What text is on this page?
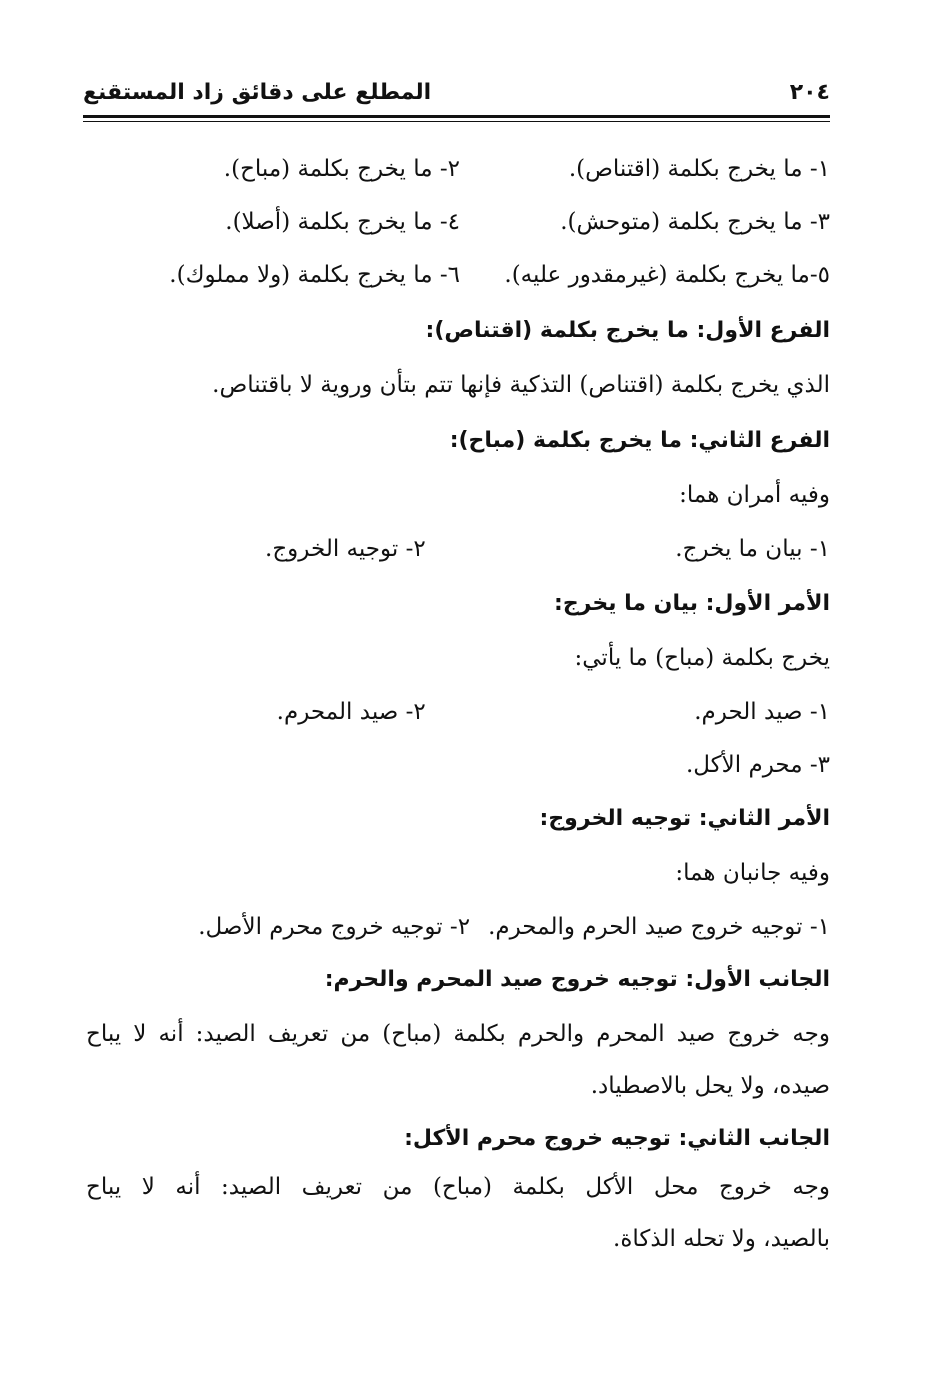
٢٠٤
المطلع على دقائق زاد المستقنع
١- ما يخرج بكلمة (اقتناص).
٢- ما يخرج بكلمة (مباح).
٣- ما يخرج بكلمة (متوحش).
٤- ما يخرج بكلمة (أصلا).
٥-ما يخرج بكلمة (غيرمقدور عليه).
٦- ما يخرج بكلمة (ولا مملوك).
الفرع الأول: ما يخرج بكلمة (اقتناص):
الذي يخرج بكلمة (اقتناص) التذكية فإنها تتم بتأن وروية لا باقتناص.
الفرع الثاني: ما يخرج بكلمة (مباح):
وفيه أمران هما:
١- بيان ما يخرج.
٢- توجيه الخروج.
الأمر الأول: بيان ما يخرج:
يخرج بكلمة (مباح) ما يأتي:
١- صيد الحرم.
٢- صيد المحرم.
٣- محرم الأكل.
الأمر الثاني: توجيه الخروج:
وفيه جانبان هما:
١- توجيه خروج صيد الحرم والمحرم.
٢- توجيه خروج محرم الأصل.
الجانب الأول: توجيه خروج صيد المحرم والحرم:
وجه خروج صيد المحرم والحرم بكلمة (مباح) من تعريف الصيد: أنه لا يباح
صيده، ولا يحل بالاصطياد.
الجانب الثاني: توجيه خروج محرم الأكل:
وجه خروج محل الأكل بكلمة (مباح) من تعريف الصيد: أنه لا يباح
بالصيد، ولا تحله الذكاة.
